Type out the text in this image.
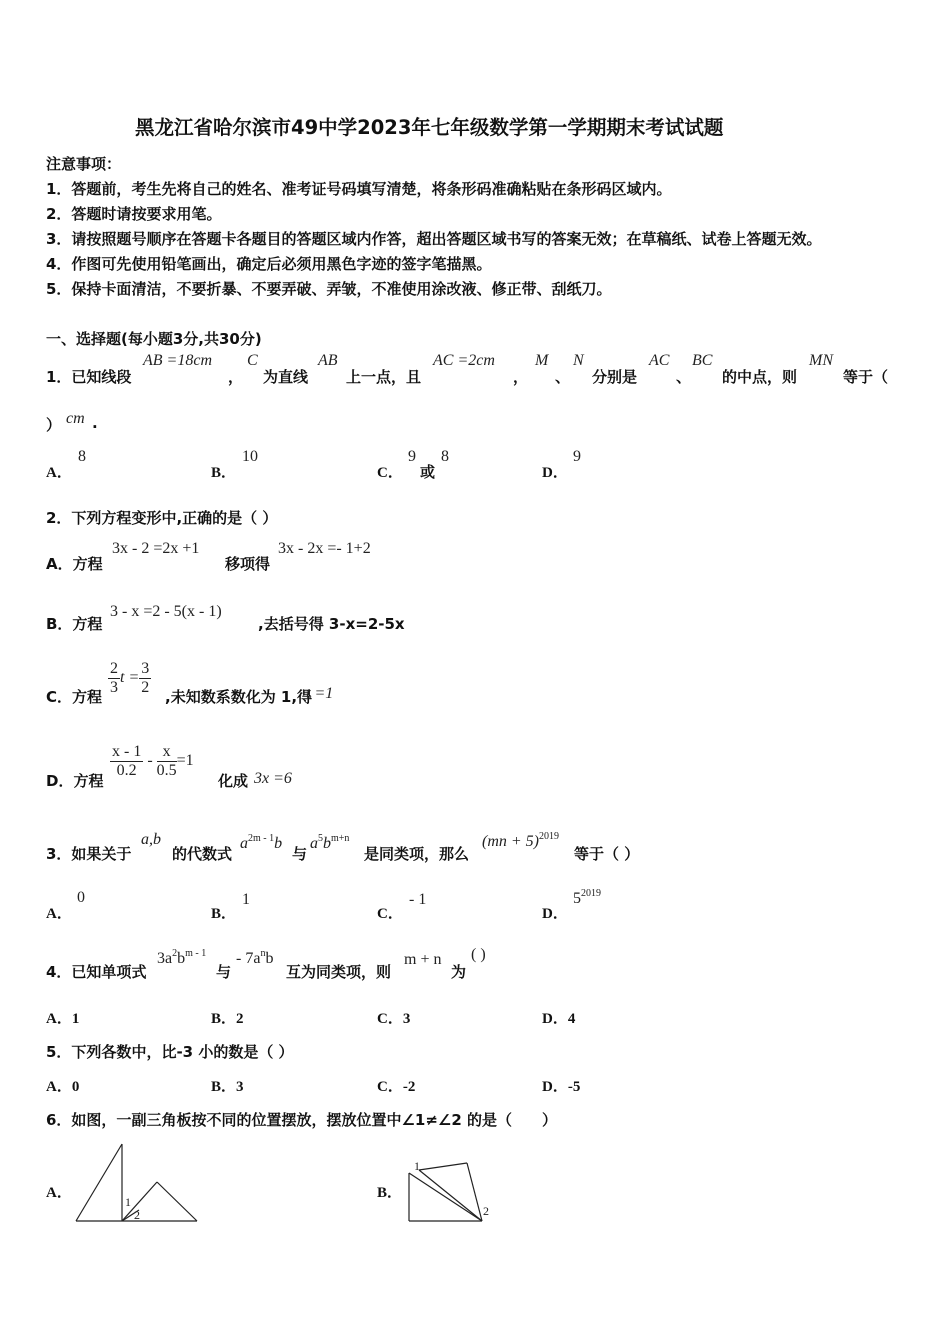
黑龙江省哈尔滨市49中学2023年七年级数学第一学期期末考试试题
注意事项：
1．答题前，考生先将自己的姓名、准考证号码填写清楚，将条形码准确粘贴在条形码区域内。
2．答题时请按要求用笔。
3．请按照题号顺序在答题卡各题目的答题区域内作答，超出答题区域书写的答案无效；在草稿纸、试卷上答题无效。
4．作图可先使用铅笔画出，确定后必须用黑色字迹的签字笔描黑。
5．保持卡面清洁，不要折暴、不要弄破、弄皱，不准使用涂改液、修正带、刮纸刀。
一、选择题(每小题3分,共30分)
1．已知线段
AB =18cm
，
C
为直线
AB
上一点，且
AC =2cm
，
M
、
N
分别是
AC
、
BC
的中点，则
MN
等于（
） cm .
A．
8
B．
10
C．
9
或
8
D．
9
2．下列方程变形中,正确的是（ ）
A．方程
3x - 2 =2x +1
移项得
3x - 2x =- 1+2
B．方程
3 - x =2 - 5(x - 1)
,去括号得 3-x=2-5x
C．方程 $\frac{2}{3}$ $t = \frac{3}{2}$ ,未知数系数化为 1,得
t =1
D．方程
$\frac{x - 1}{0.2} - \frac{x}{0.5} =1$
化成 3x =6
3．如果关于
a,b
的代数式
$a^{2m - 1}b$
与
$a^5b^{m+n}$
是同类项，那么
(mn + 5)$^{2019}$
等于（ ）
A．
0
B．
1
C．
- 1
D．
$5^{2019}$
4．已知单项式
$3a^2b^{m - 1}$
与
- $7a^nb$
互为同类项，则
m + n
为
( )
A．1	B．2	C．3	D．4
5．下列各数中，比-3 小的数是（ ）
A．0	B．3	C．-2	D．-5
6．如图，一副三角板按不同的位置摆放，摆放位置中∠1≠∠2 的是（　　）
A．
1
2
B．
1
2
